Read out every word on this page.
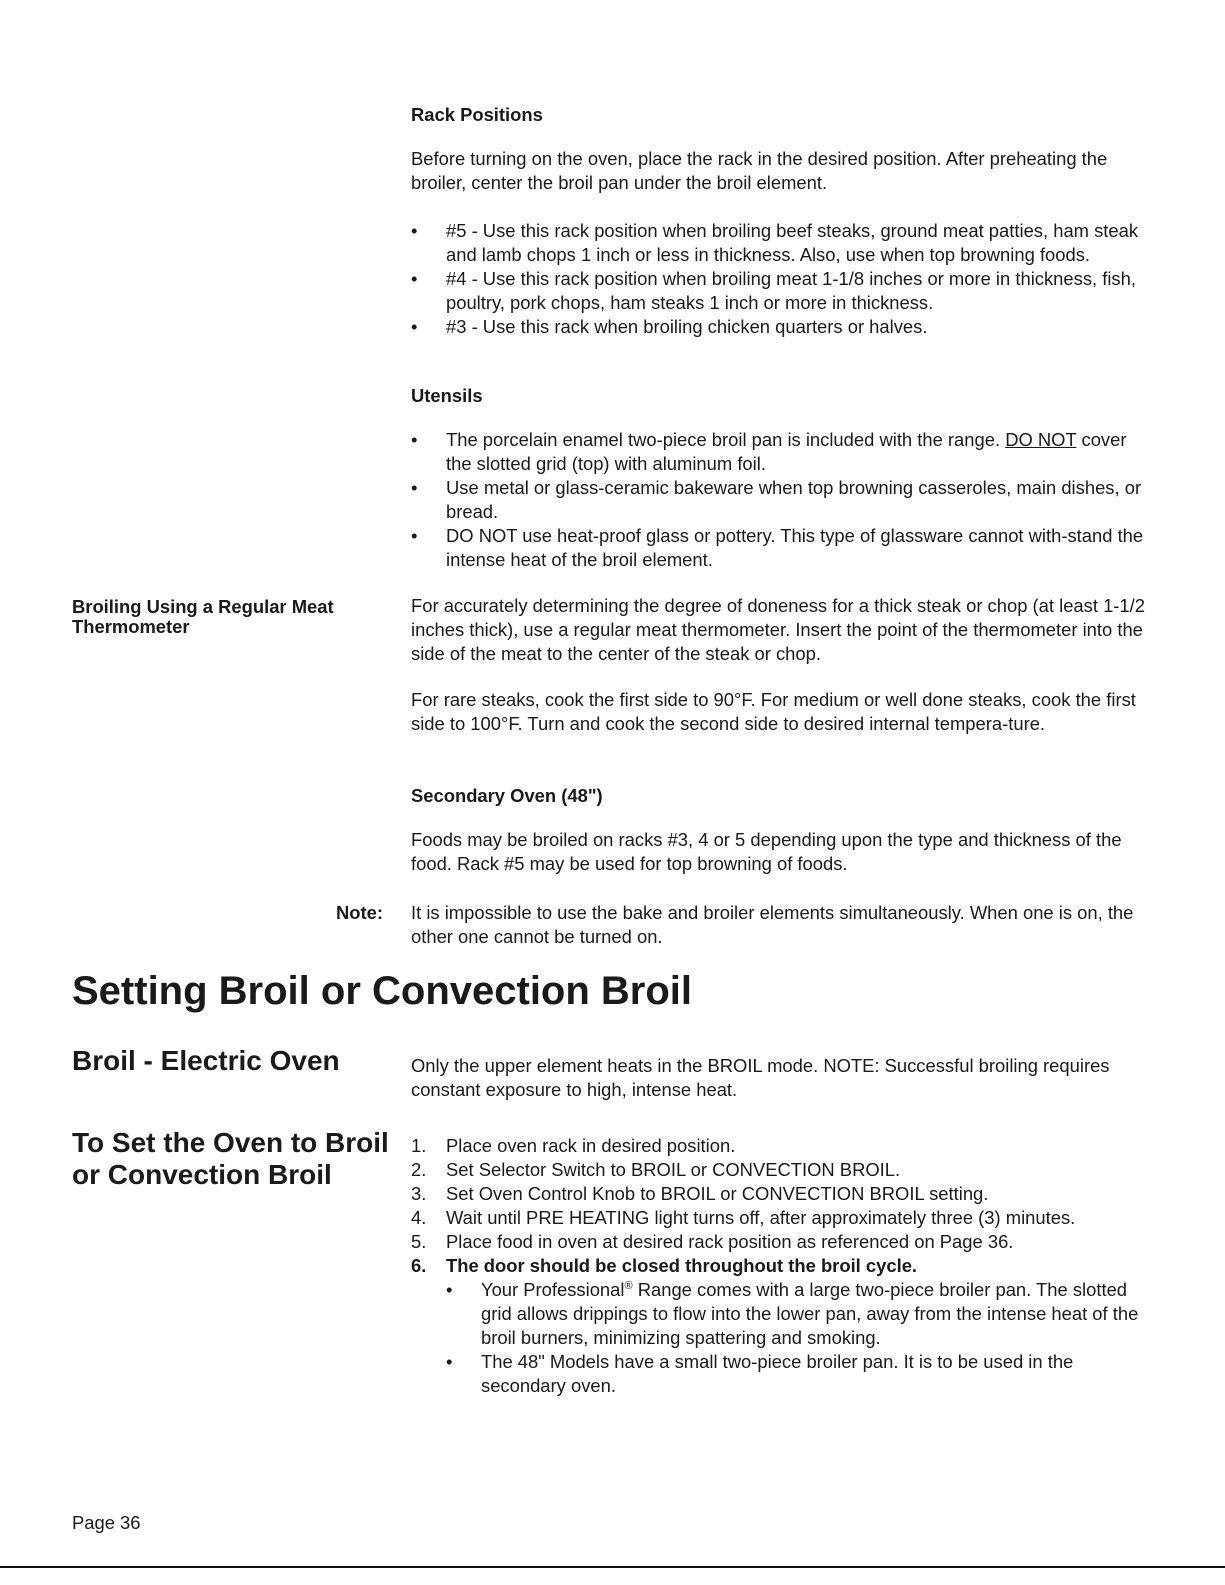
Rack Positions

Before turning on the oven, place the rack in the desired position. After preheating the broiler, center the broil pan under the broil element.

• #5 - Use this rack position when broiling beef steaks, ground meat patties, ham steak and lamb chops 1 inch or less in thickness. Also, use when top browning foods.
• #4 - Use this rack position when broiling meat 1-1/8 inches or more in thickness, fish, poultry, pork chops, ham steaks 1 inch or more in thickness.
• #3 - Use this rack when broiling chicken quarters or halves.

Utensils

• The porcelain enamel two-piece broil pan is included with the range. DO NOT cover the slotted grid (top) with aluminum foil.
• Use metal or glass-ceramic bakeware when top browning casseroles, main dishes, or bread.
• DO NOT use heat-proof glass or pottery. This type of glassware cannot with-stand the intense heat of the broil element.
Broiling Using a Regular Meat Thermometer

For accurately determining the degree of doneness for a thick steak or chop (at least 1-1/2 inches thick), use a regular meat thermometer. Insert the point of the thermometer into the side of the meat to the center of the steak or chop.

For rare steaks, cook the first side to 90°F. For medium or well done steaks, cook the first side to 100°F. Turn and cook the second side to desired internal tempera-ture.

Secondary Oven (48")

Foods may be broiled on racks #3, 4 or 5 depending upon the type and thickness of the food. Rack #5 may be used for top browning of foods.

Note: It is impossible to use the bake and broiler elements simultaneously. When one is on, the other one cannot be turned on.
Setting Broil or Convection Broil
Broil - Electric Oven	Only the upper element heats in the BROIL mode. NOTE: Successful broiling requires constant exposure to high, intense heat.
To Set the Oven to Broil or Convection Broil
1. Place oven rack in desired position.
2. Set Selector Switch to BROIL or CONVECTION BROIL.
3. Set Oven Control Knob to BROIL or CONVECTION BROIL setting.
4. Wait until PRE HEATING light turns off, after approximately three (3) minutes.
5. Place food in oven at desired rack position as referenced on Page 36.
6. The door should be closed throughout the broil cycle.
• Your Professional® Range comes with a large two-piece broiler pan. The slotted grid allows drippings to flow into the lower pan, away from the intense heat of the broil burners, minimizing spattering and smoking.
• The 48" Models have a small two-piece broiler pan. It is to be used in the secondary oven.
Page 36
